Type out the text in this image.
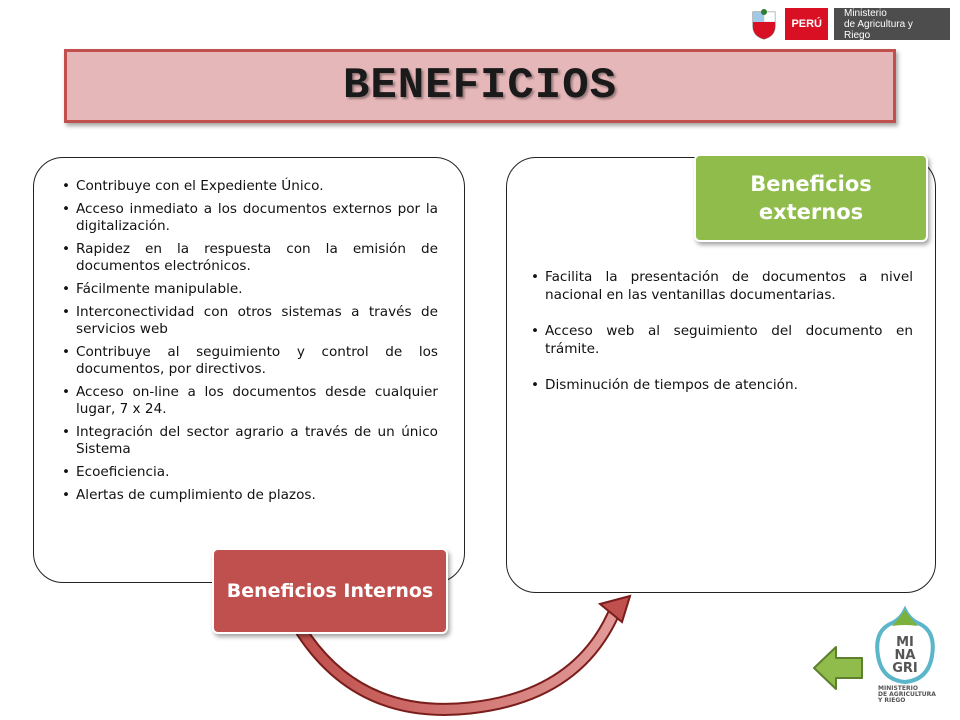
PERÚ
Ministerio
de Agricultura y Riego
BENEFICIOS
• Contribuye con el Expediente Único.
• Acceso inmediato a los documentos externos por la digitalización.
• Rapidez en la respuesta con la emisión de documentos electrónicos.
• Fácilmente manipulable.
• Interconectividad con otros sistemas a través de servicios web
• Contribuye al seguimiento y control de los documentos, por directivos.
• Acceso on-line a los documentos desde cualquier lugar, 7 x 24.
• Integración del sector agrario a través de un único Sistema
• Ecoeficiencia.
• Alertas de cumplimiento de plazos.
• Facilita la presentación de documentos a nivel nacional en las ventanillas documentarias.
• Acceso web al seguimiento del documento en trámite.
• Disminución de tiempos de atención.
Beneficios Internos
Beneficios
externos
MI
NA
GRI
MINISTERIO
DE AGRICULTURA
Y RIEGO
